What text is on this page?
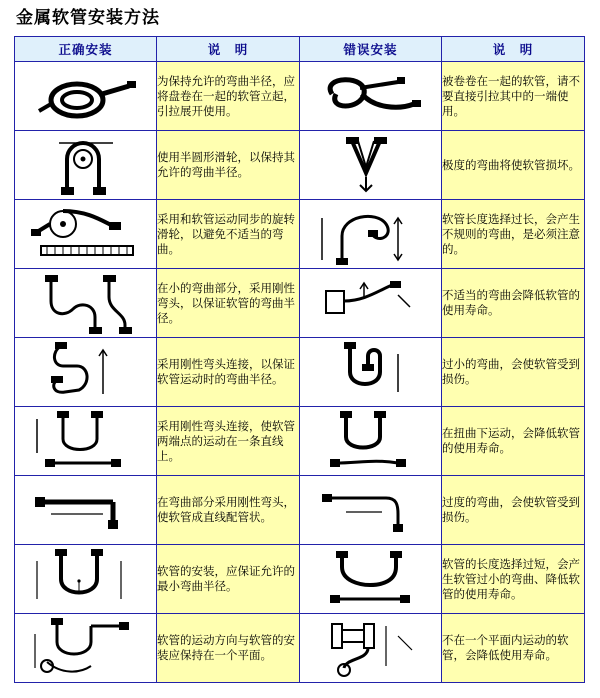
金属软管安装方法
正确安装	说　明	错误安装	说　明

	为保持允许的弯曲半径，应将盘卷在一起的软管立起，引拉展开使用。		被卷卷在一起的软管，请不要直接引拉其中的一端使用。

	使用半圆形滑轮，以保持其允许的弯曲半径。		极度的弯曲将使软管损坏。

	采用和软管运动同步的旋转滑轮，以避免不适当的弯曲。		软管长度选择过长，会产生不规则的弯曲，是必须注意的。

	在小的弯曲部分，采用刚性弯头，以保证软管的弯曲半径。		不适当的弯曲会降低软管的使用寿命。

	采用刚性弯头连接，以保证软管运动时的弯曲半径。		过小的弯曲，会使软管受到损伤。

	采用刚性弯头连接，使软管两端点的运动在一条直线上。		在扭曲下运动，会降低软管的使用寿命。

	在弯曲部分采用刚性弯头，使软管成直线配管状。		过度的弯曲，会使软管受到损伤。

	软管的安装，应保证允许的最小弯曲半径。		软管的长度选择过短，会产生软管过小的弯曲、降低软管的使用寿命。

	软管的运动方向与软管的安装应保持在一个平面。		不在一个平面内运动的软管，会降低使用寿命。
